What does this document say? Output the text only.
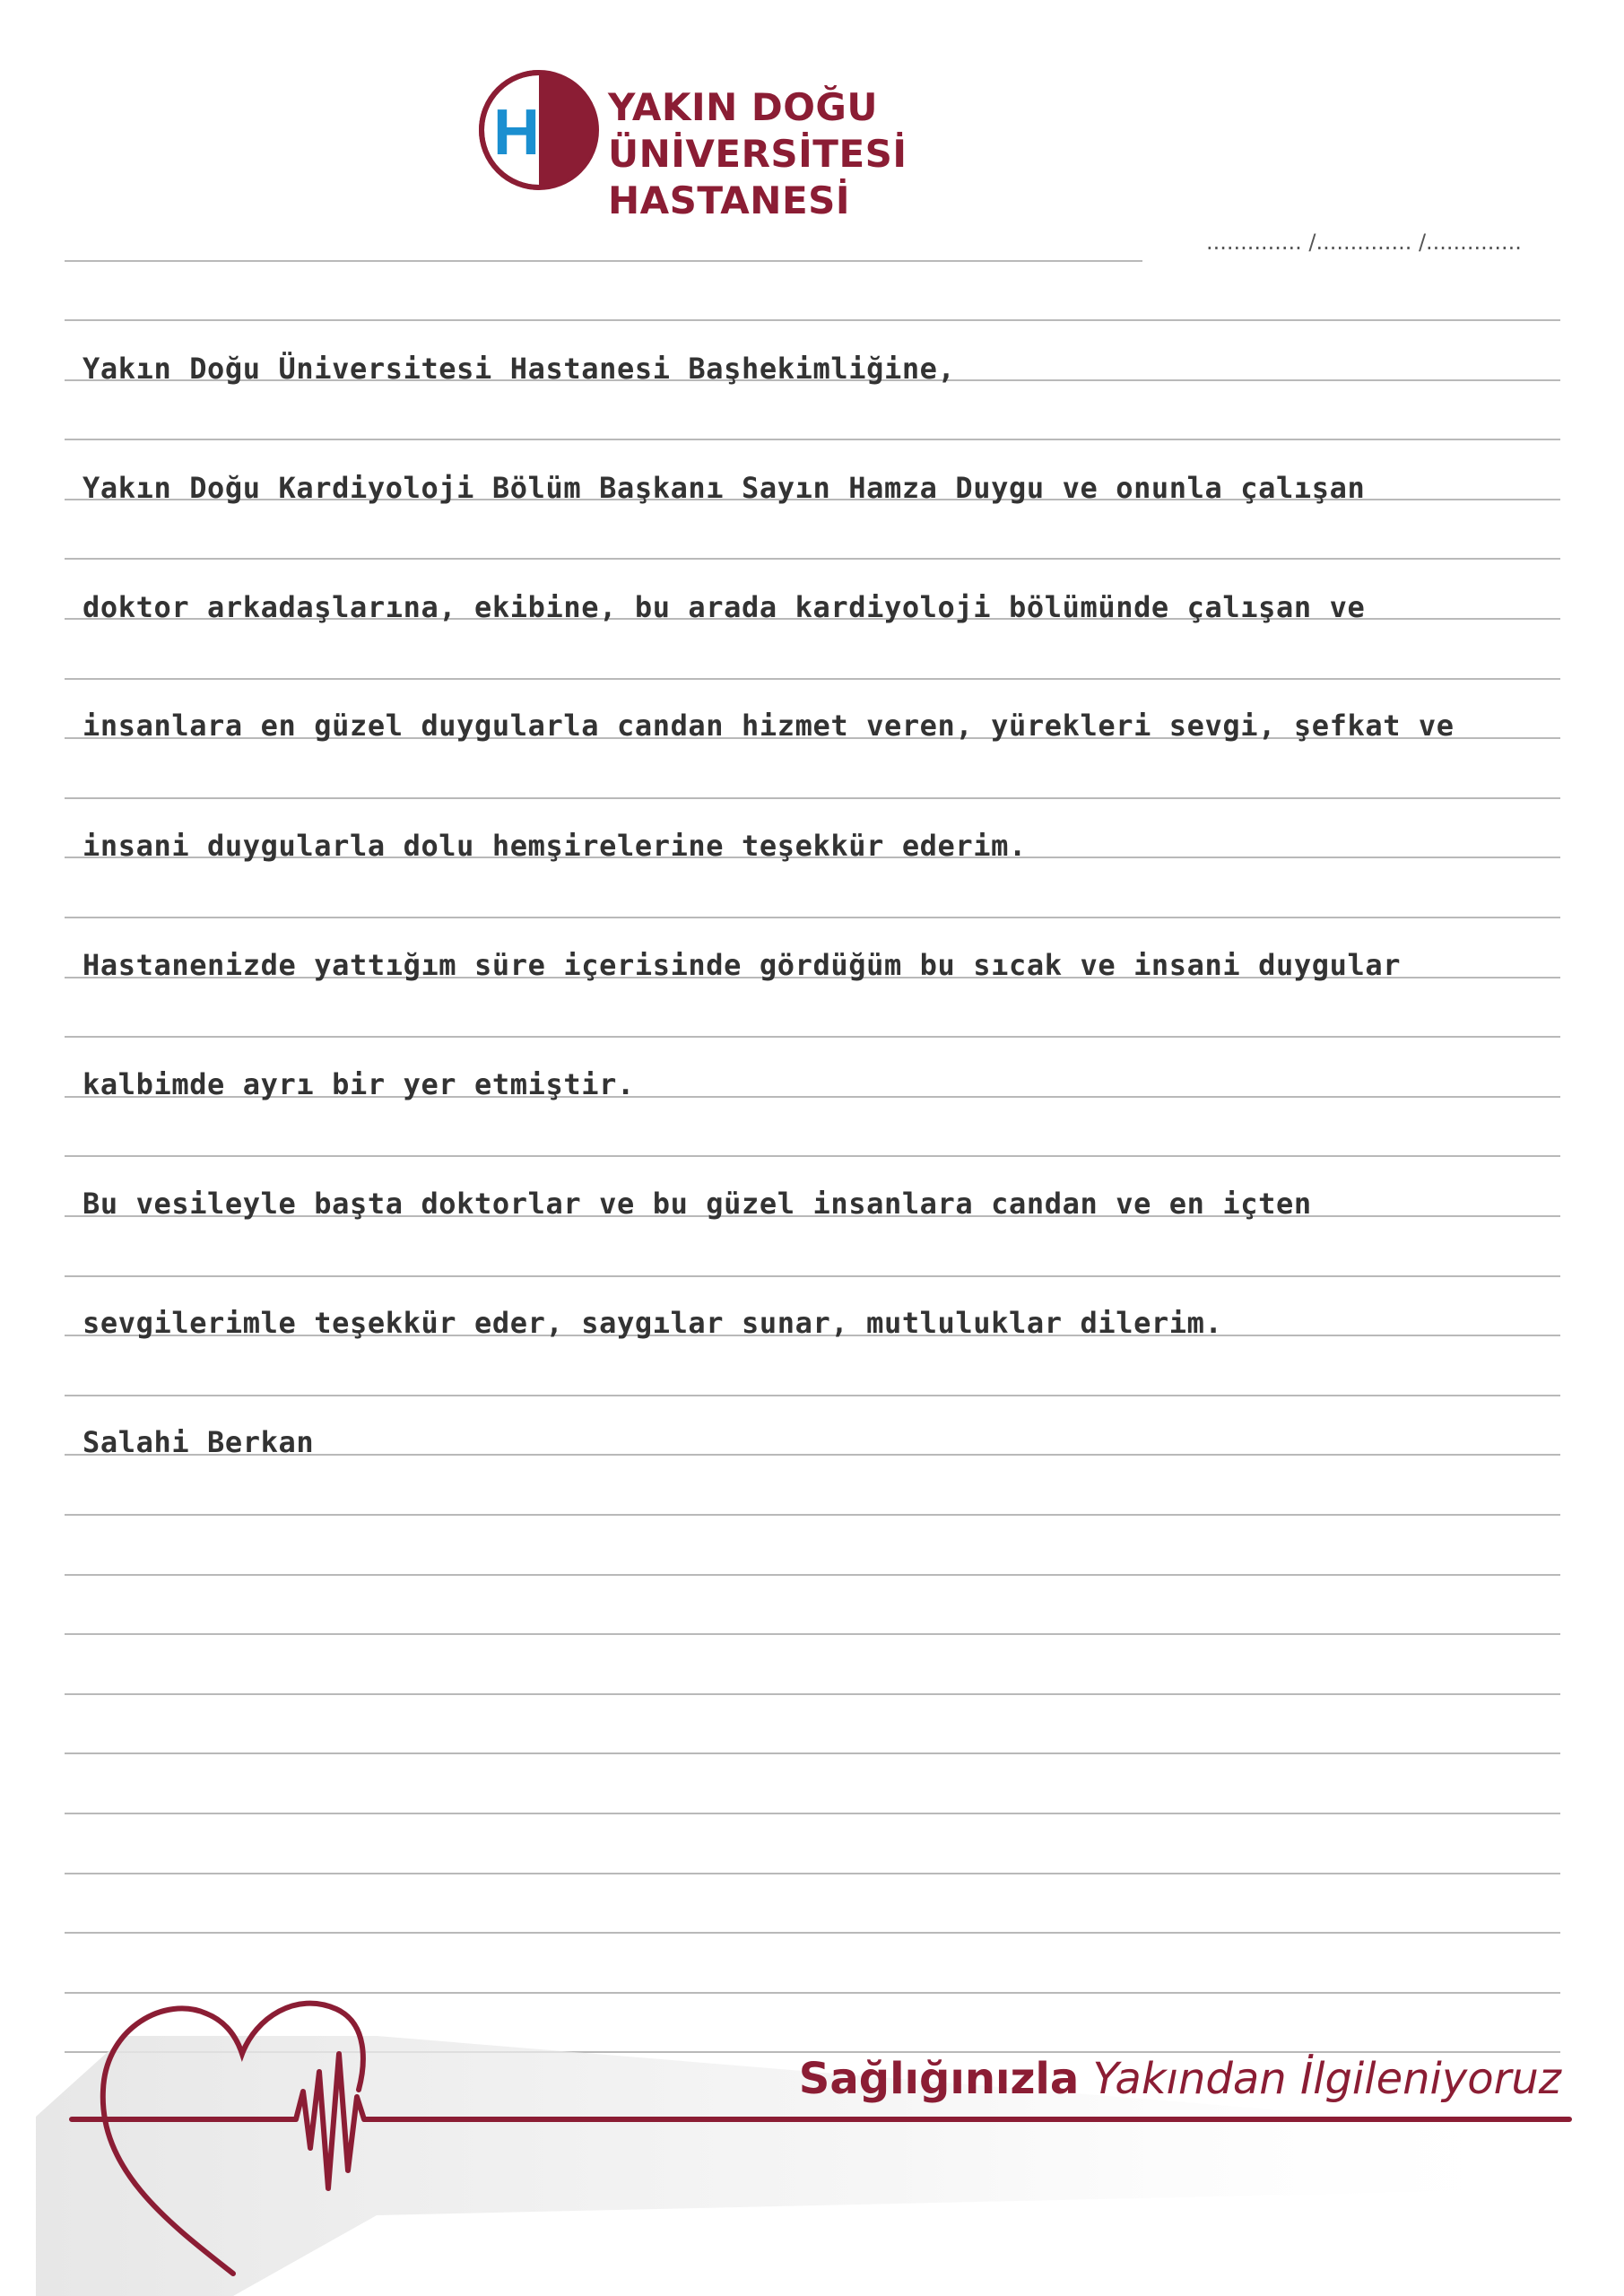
H YAKIN DOĞU ÜNİVERSİTESİ
HASTANESİ
.............. /.............. /..............
Yakın Doğu Üniversitesi Hastanesi Başhekimliğine,
Yakın Doğu Kardiyoloji Bölüm Başkanı Sayın Hamza Duygu ve onunla çalışan
doktor arkadaşlarına, ekibine, bu arada kardiyoloji bölümünde çalışan ve
insanlara en güzel duygularla candan hizmet veren, yürekleri sevgi, şefkat ve
insani duygularla dolu hemşirelerine teşekkür ederim.
Hastanenizde yattığım süre içerisinde gördüğüm bu sıcak ve insani duygular
kalbimde ayrı bir yer etmiştir.
Bu vesileyle başta doktorlar ve bu güzel insanlara candan ve en içten
sevgilerimle teşekkür eder, saygılar sunar, mutluluklar dilerim.
Salahi Berkan
Sağlığınızla Yakından İlgileniyoruz
